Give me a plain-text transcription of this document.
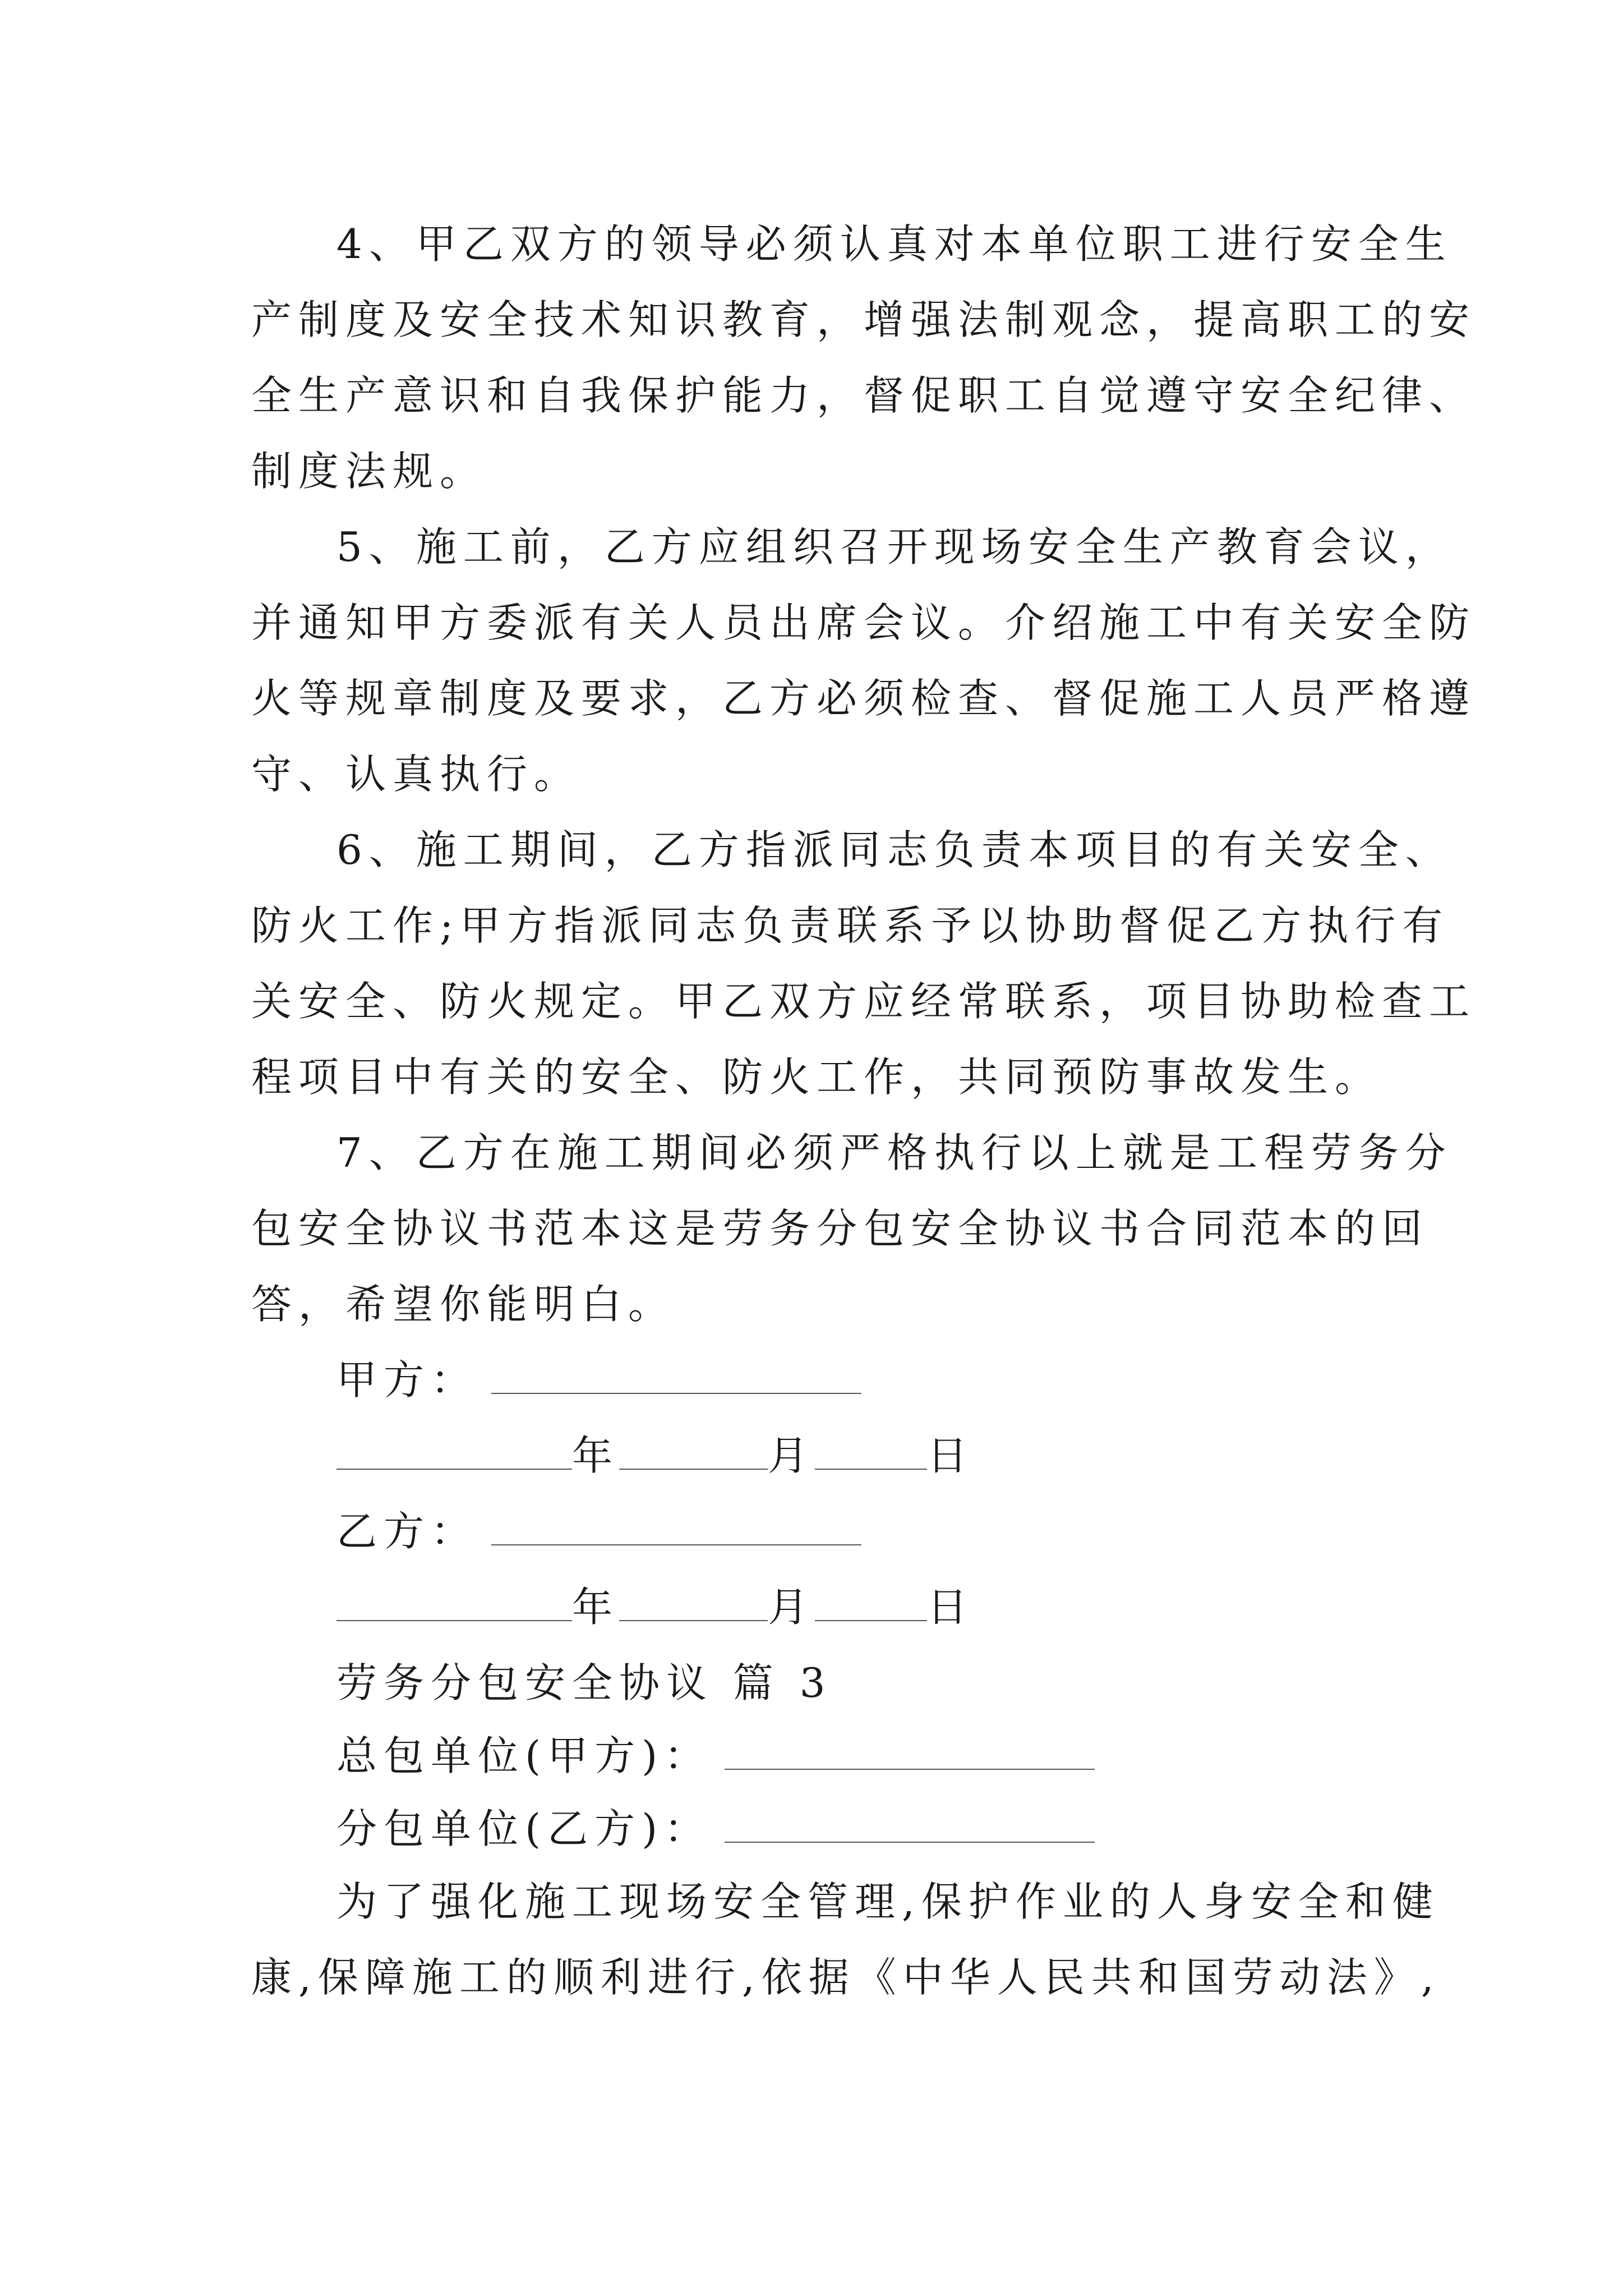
4、甲乙双方的领导必须认真对本单位职工进行安全生
产制度及安全技术知识教育，增强法制观念，提高职工的安
全生产意识和自我保护能力，督促职工自觉遵守安全纪律、
制度法规。
5、施工前，乙方应组织召开现场安全生产教育会议，
并通知甲方委派有关人员出席会议。介绍施工中有关安全防
火等规章制度及要求，乙方必须检查、督促施工人员严格遵
守、认真执行。
6、施工期间，乙方指派同志负责本项目的有关安全、
防火工作;甲方指派同志负责联系予以协助督促乙方执行有
关安全、防火规定。甲乙双方应经常联系，项目协助检查工
程项目中有关的安全、防火工作，共同预防事故发生。
7、乙方在施工期间必须严格执行以上就是工程劳务分
包安全协议书范本这是劳务分包安全协议书合同范本的回
答，希望你能明白。
甲方：
年	月	日
乙方：
年	月	日
劳务分包安全协议 篇 3
总包单位(甲方)：
分包单位(乙方)：
为了强化施工现场安全管理,保护作业的人身安全和健
康,保障施工的顺利进行,依据《中华人民共和国劳动法》,
